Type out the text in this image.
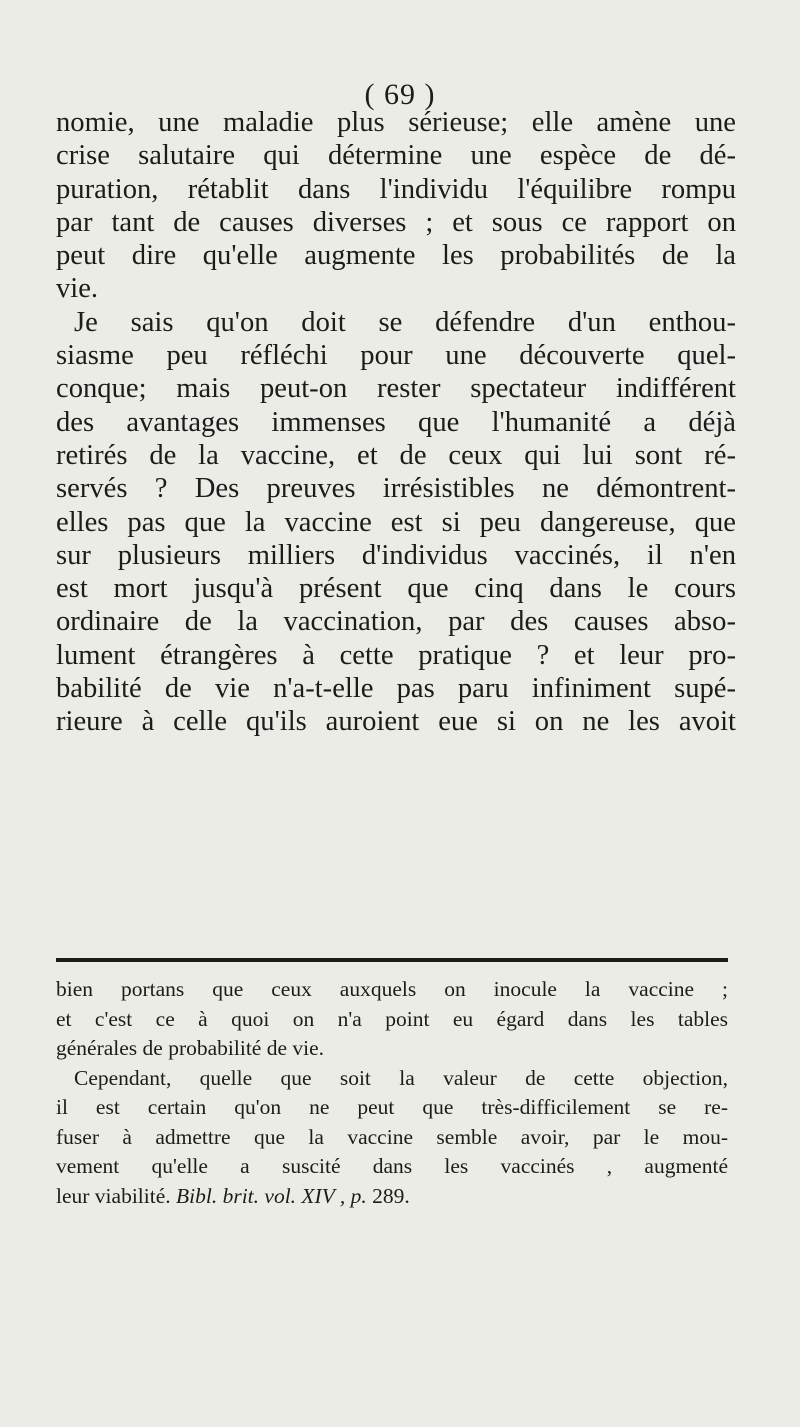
( 69 )
nomie, une maladie plus sérieuse; elle amène une
crise salutaire qui détermine une espèce de dé-
puration, rétablit dans l'individu l'équilibre rompu
par tant de causes diverses ; et sous ce rapport on
peut dire qu'elle augmente les probabilités de la
vie.
Je sais qu'on doit se défendre d'un enthou-
siasme peu réfléchi pour une découverte quel-
conque; mais peut-on rester spectateur indifférent
des avantages immenses que l'humanité a déjà
retirés de la vaccine, et de ceux qui lui sont ré-
servés ? Des preuves irrésistibles ne démontrent-
elles pas que la vaccine est si peu dangereuse, que
sur plusieurs milliers d'individus vaccinés, il n'en
est mort jusqu'à présent que cinq dans le cours
ordinaire de la vaccination, par des causes abso-
lument étrangères à cette pratique ? et leur pro-
babilité de vie n'a-t-elle pas paru infiniment supé-
rieure à celle qu'ils auroient eue si on ne les avoit
bien portans que ceux auxquels on inocule la vaccine ;
et c'est ce à quoi on n'a point eu égard dans les tables
générales de probabilité de vie.
Cependant, quelle que soit la valeur de cette objection,
il est certain qu'on ne peut que très-difficilement se re-
fuser à admettre que la vaccine semble avoir, par le mou-
vement qu'elle a suscité dans les vaccinés , augmenté
leur viabilité. Bibl. brit. vol. XIV , p. 289.
